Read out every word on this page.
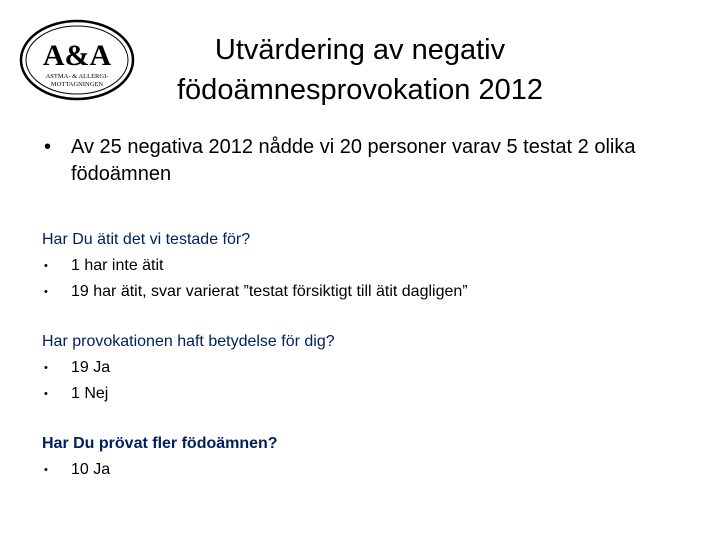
A&A
ASTMA- & ALLERGI-
MOTTAGNINGEN
Utvärdering av negativ
födoämnesprovokation 2012
• Av 25 negativa 2012 nådde vi 20 personer varav 5 testat 2 olika födoämnen
Har Du ätit det vi testade för?
• 1 har inte ätit
• 19 har ätit, svar varierat ”testat försiktigt till ätit dagligen”
Har provokationen haft betydelse för dig?
• 19 Ja
• 1 Nej
Har Du prövat fler födoämnen?
• 10 Ja
